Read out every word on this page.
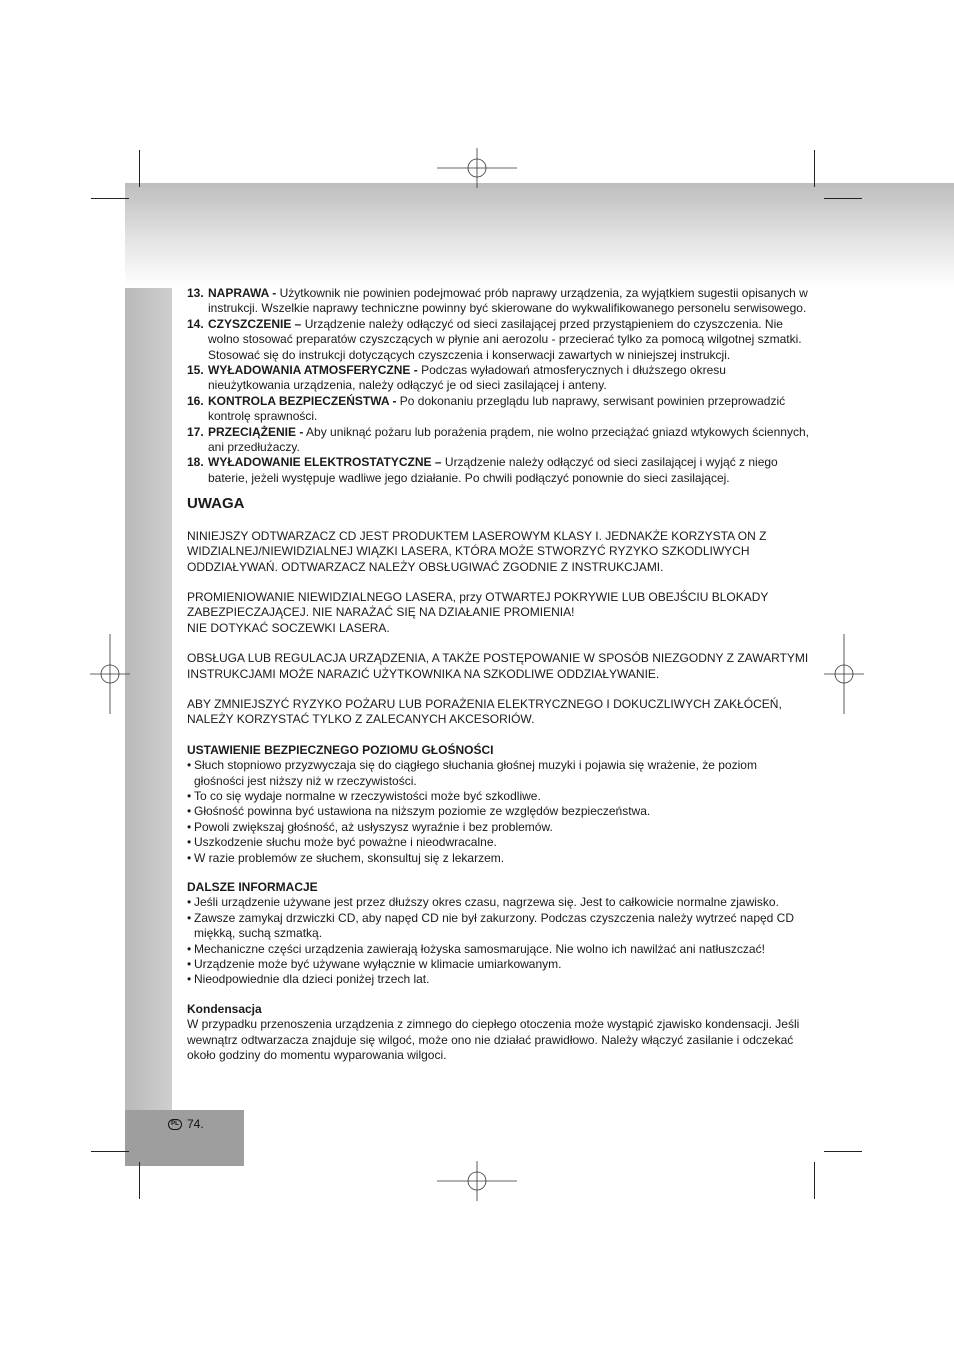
13. NAPRAWA - Użytkownik nie powinien podejmować prób naprawy urządzenia, za wyjątkiem sugestii opisanych w instrukcji. Wszelkie naprawy techniczne powinny być skierowane do wykwalifikowanego personelu serwisowego.
14. CZYSZCZENIE – Urządzenie należy odłączyć od sieci zasilającej przed przystąpieniem do czyszczenia. Nie wolno stosować preparatów czyszczących w płynie ani aerozolu - przecierać tylko za pomocą wilgotnej szmatki. Stosować się do instrukcji dotyczących czyszczenia i konserwacji zawartych w niniejszej instrukcji.
15. WYŁADOWANIA ATMOSFERYCZNE - Podczas wyładowań atmosferycznych i dłuższego okresu nieużytkowania urządzenia, należy odłączyć je od sieci zasilającej i anteny.
16. KONTROLA BEZPIECZEŃSTWA - Po dokonaniu przeglądu lub naprawy, serwisant powinien przeprowadzić kontrolę sprawności.
17. PRZECIĄŻENIE - Aby uniknąć pożaru lub porażenia prądem, nie wolno przeciążać gniazd wtykowych ściennych, ani przedłużaczy.
18. WYŁADOWANIE ELEKTROSTATYCZNE – Urządzenie należy odłączyć od sieci zasilającej i wyjąć z niego baterie, jeżeli występuje wadliwe jego działanie. Po chwili podłączyć ponownie do sieci zasilającej.
UWAGA

NINIEJSZY ODTWARZACZ CD JEST PRODUKTEM LASEROWYM KLASY I. JEDNAKŻE KORZYSTA ON Z WIDZIALNEJ/NIEWIDZIALNEJ WIĄZKI LASERA, KTÓRA MOŻE STWORZYĆ RYZYKO SZKODLIWYCH ODDZIAŁYWAŃ. ODTWARZACZ NALEŻY OBSŁUGIWAĆ ZGODNIE Z INSTRUKCJAMI.

PROMIENIOWANIE NIEWIDZIALNEGO LASERA, przy OTWARTEJ POKRYWIE LUB OBEJŚCIU BLOKADY ZABEZPIECZAJĄCEJ. NIE NARAŻAĆ SIĘ NA DZIAŁANIE PROMIENIA!

NIE DOTYKAĆ SOCZEWKI LASERA.

OBSŁUGA LUB REGULACJA URZĄDZENIA, A TAKŻE POSTĘPOWANIE W SPOSÓB NIEZGODNY Z ZAWARTYMI INSTRUKCJAMI MOŻE NARAZIĆ UŻYTKOWNIKA NA SZKODLIWE ODDZIAŁYWANIE.

ABY ZMNIEJSZYĆ RYZYKO POŻARU LUB PORAŻENIA ELEKTRYCZNEGO I DOKUCZLIWYCH ZAKŁÓCEŃ, NALEŻY KORZYSTAĆ TYLKO Z ZALECANYCH AKCESORIÓW.

USTAWIENIE BEZPIECZNEGO POZIOMU GŁOŚNOŚCI
• Słuch stopniowo przyzwyczaja się do ciągłego słuchania głośnej muzyki i pojawia się wrażenie, że poziom głośności jest niższy niż w rzeczywistości.
• To co się wydaje normalne w rzeczywistości może być szkodliwe.
• Głośność powinna być ustawiona na niższym poziomie ze względów bezpieczeństwa.
• Powoli zwiększaj głośność, aż usłyszysz wyraźnie i bez problemów.
• Uszkodzenie słuchu może być poważne i nieodwracalne.
• W razie problemów ze słuchem, skonsultuj się z lekarzem.
DALSZE INFORMACJE
• Jeśli urządzenie używane jest przez dłuższy okres czasu, nagrzewa się. Jest to całkowicie normalne zjawisko.
• Zawsze zamykaj drzwiczki CD, aby napęd CD nie był zakurzony. Podczas czyszczenia należy wytrzeć napęd CD miękką, suchą szmatką.
• Mechaniczne części urządzenia zawierają łożyska samosmarujące. Nie wolno ich nawilżać ani natłuszczać!
• Urządzenie może być używane wyłącznie w klimacie umiarkowanym.
• Nieodpowiednie dla dzieci poniżej trzech lat.
Kondensacja

W przypadku przenoszenia urządzenia z zimnego do ciepłego otoczenia może wystąpić zjawisko kondensacji. Jeśli wewnątrz odtwarzacza znajduje się wilgoć, może ono nie działać prawidłowo. Należy włączyć zasilanie i odczekać około godziny do momentu wyparowania wilgoci.

PL 74.
